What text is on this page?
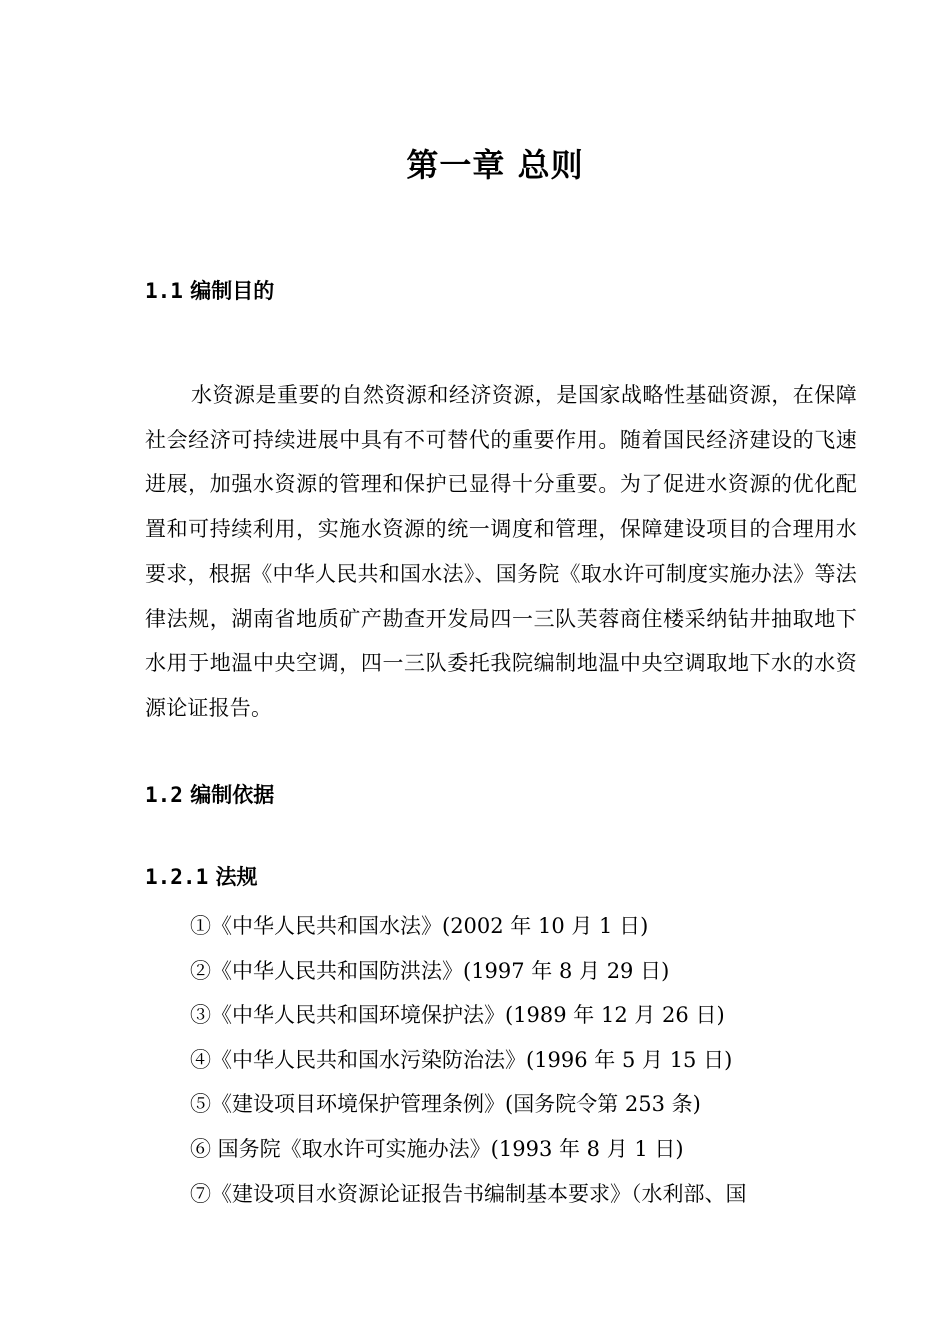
第一章 总则
1.1 编制目的

水资源是重要的自然资源和经济资源，是国家战略性基础资源，在保障社会经济可持续进展中具有不可替代的重要作用。随着国民经济建设的飞速进展，加强水资源的管理和保护已显得十分重要。为了促进水资源的优化配置和可持续利用，实施水资源的统一调度和管理，保障建设项目的合理用水要求，根据《中华人民共和国水法》、国务院《取水许可制度实施办法》等法律法规，湖南省地质矿产勘查开发局四一三队芙蓉商住楼采纳钻井抽取地下水用于地温中央空调，四一三队委托我院编制地温中央空调取地下水的水资源论证报告。

1.2 编制依据
1.2.1 法规
①《中华人民共和国水法》(2002 年 10 月 1 日)
②《中华人民共和国防洪法》(1997 年 8 月 29 日)
③《中华人民共和国环境保护法》(1989 年 12 月 26 日)
④《中华人民共和国水污染防治法》(1996 年 5 月 15 日)
⑤《建设项目环境保护管理条例》(国务院令第 253 条)
⑥ 国务院《取水许可实施办法》(1993 年 8 月 1 日)
⑦《建设项目水资源论证报告书编制基本要求》（水利部、国
